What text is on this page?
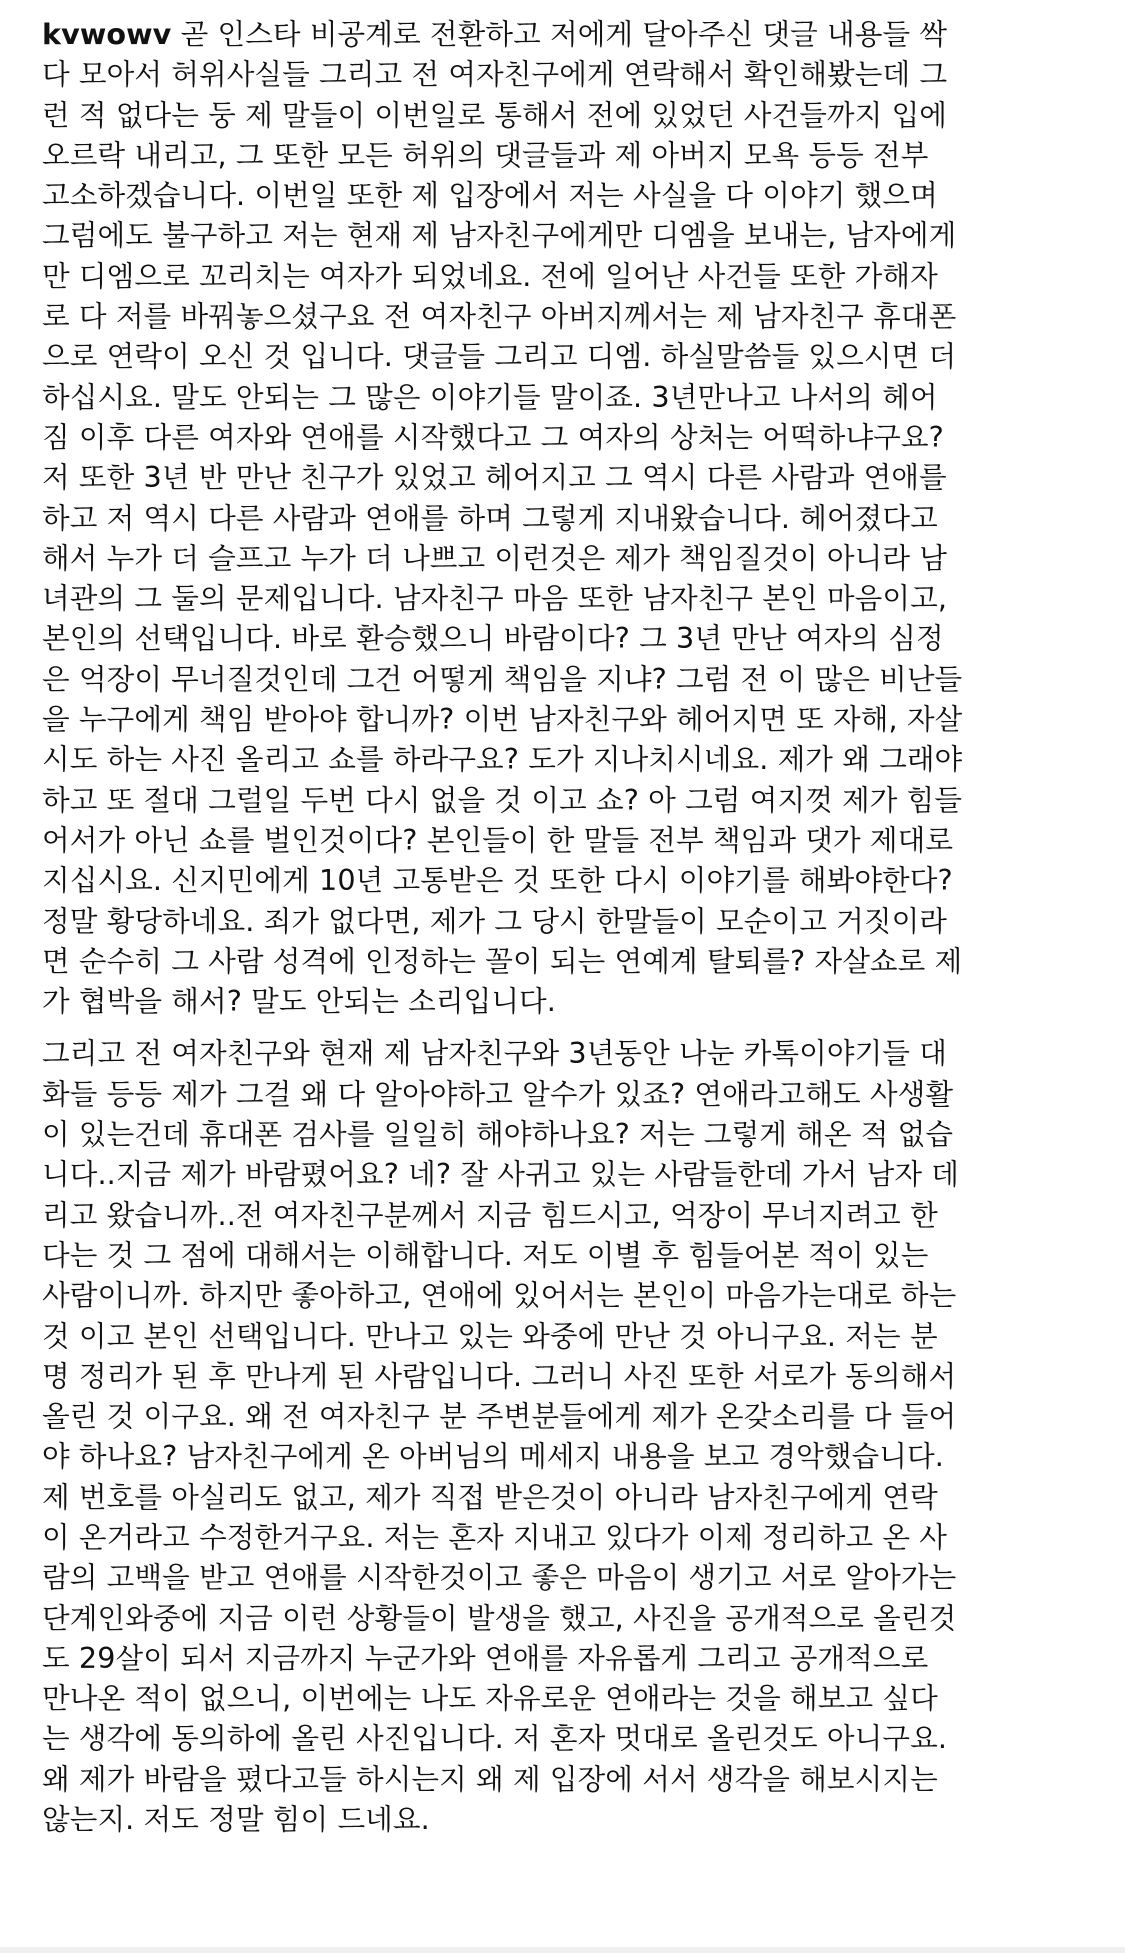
kvwowv 곧 인스타 비공계로 전환하고 저에게 달아주신 댓글 내용들 싹
다 모아서 허위사실들 그리고 전 여자친구에게 연락해서 확인해봤는데 그
런 적 없다는 둥 제 말들이 이번일로 통해서 전에 있었던 사건들까지 입에
오르락 내리고, 그 또한 모든 허위의 댓글들과 제 아버지 모욕 등등 전부
고소하겠습니다. 이번일 또한 제 입장에서 저는 사실을 다 이야기 했으며
그럼에도 불구하고 저는 현재 제 남자친구에게만 디엠을 보내는, 남자에게
만 디엠으로 꼬리치는 여자가 되었네요. 전에 일어난 사건들 또한 가해자
로 다 저를 바꿔놓으셨구요 전 여자친구 아버지께서는 제 남자친구 휴대폰
으로 연락이 오신 것 입니다. 댓글들 그리고 디엠. 하실말씀들 있으시면 더
하십시요. 말도 안되는 그 많은 이야기들 말이죠. 3년만나고 나서의 헤어
짐 이후 다른 여자와 연애를 시작했다고 그 여자의 상처는 어떡하냐구요?
저 또한 3년 반 만난 친구가 있었고 헤어지고 그 역시 다른 사람과 연애를
하고 저 역시 다른 사람과 연애를 하며 그렇게 지내왔습니다. 헤어졌다고
해서 누가 더 슬프고 누가 더 나쁘고 이런것은 제가 책임질것이 아니라 남
녀관의 그 둘의 문제입니다. 남자친구 마음 또한 남자친구 본인 마음이고,
본인의 선택입니다. 바로 환승했으니 바람이다? 그 3년 만난 여자의 심정
은 억장이 무너질것인데 그건 어떻게 책임을 지냐? 그럼 전 이 많은 비난들
을 누구에게 책임 받아야 합니까? 이번 남자친구와 헤어지면 또 자해, 자살
시도 하는 사진 올리고 쇼를 하라구요? 도가 지나치시네요. 제가 왜 그래야
하고 또 절대 그럴일 두번 다시 없을 것 이고 쇼? 아 그럼 여지껏 제가 힘들
어서가 아닌 쇼를 벌인것이다? 본인들이 한 말들 전부 책임과 댓가 제대로
지십시요. 신지민에게 10년 고통받은 것 또한 다시 이야기를 해봐야한다?
정말 황당하네요. 죄가 없다면, 제가 그 당시 한말들이 모순이고 거짓이라
면 순수히 그 사람 성격에 인정하는 꼴이 되는 연예계 탈퇴를? 자살쇼로 제
가 협박을 해서? 말도 안되는 소리입니다.
그리고 전 여자친구와 현재 제 남자친구와 3년동안 나눈 카톡이야기들 대
화들 등등 제가 그걸 왜 다 알아야하고 알수가 있죠? 연애라고해도 사생활
이 있는건데 휴대폰 검사를 일일히 해야하나요? 저는 그렇게 해온 적 없습
니다..지금 제가 바람폈어요? 네? 잘 사귀고 있는 사람들한데 가서 남자 데
리고 왔습니까..전 여자친구분께서 지금 힘드시고, 억장이 무너지려고 한
다는 것 그 점에 대해서는 이해합니다. 저도 이별 후 힘들어본 적이 있는
사람이니까. 하지만 좋아하고, 연애에 있어서는 본인이 마음가는대로 하는
것 이고 본인 선택입니다. 만나고 있는 와중에 만난 것 아니구요. 저는 분
명 정리가 된 후 만나게 된 사람입니다. 그러니 사진 또한 서로가 동의해서
올린 것 이구요. 왜 전 여자친구 분 주변분들에게 제가 온갖소리를 다 들어
야 하나요? 남자친구에게 온 아버님의 메세지 내용을 보고 경악했습니다.
제 번호를 아실리도 없고, 제가 직접 받은것이 아니라 남자친구에게 연락
이 온거라고 수정한거구요. 저는 혼자 지내고 있다가 이제 정리하고 온 사
람의 고백을 받고 연애를 시작한것이고 좋은 마음이 생기고 서로 알아가는
단계인와중에 지금 이런 상황들이 발생을 했고, 사진을 공개적으로 올린것
도 29살이 되서 지금까지 누군가와 연애를 자유롭게 그리고 공개적으로
만나온 적이 없으니, 이번에는 나도 자유로운 연애라는 것을 해보고 싶다
는 생각에 동의하에 올린 사진입니다. 저 혼자 멋대로 올린것도 아니구요.
왜 제가 바람을 폈다고들 하시는지 왜 제 입장에 서서 생각을 해보시지는
않는지. 저도 정말 힘이 드네요.
